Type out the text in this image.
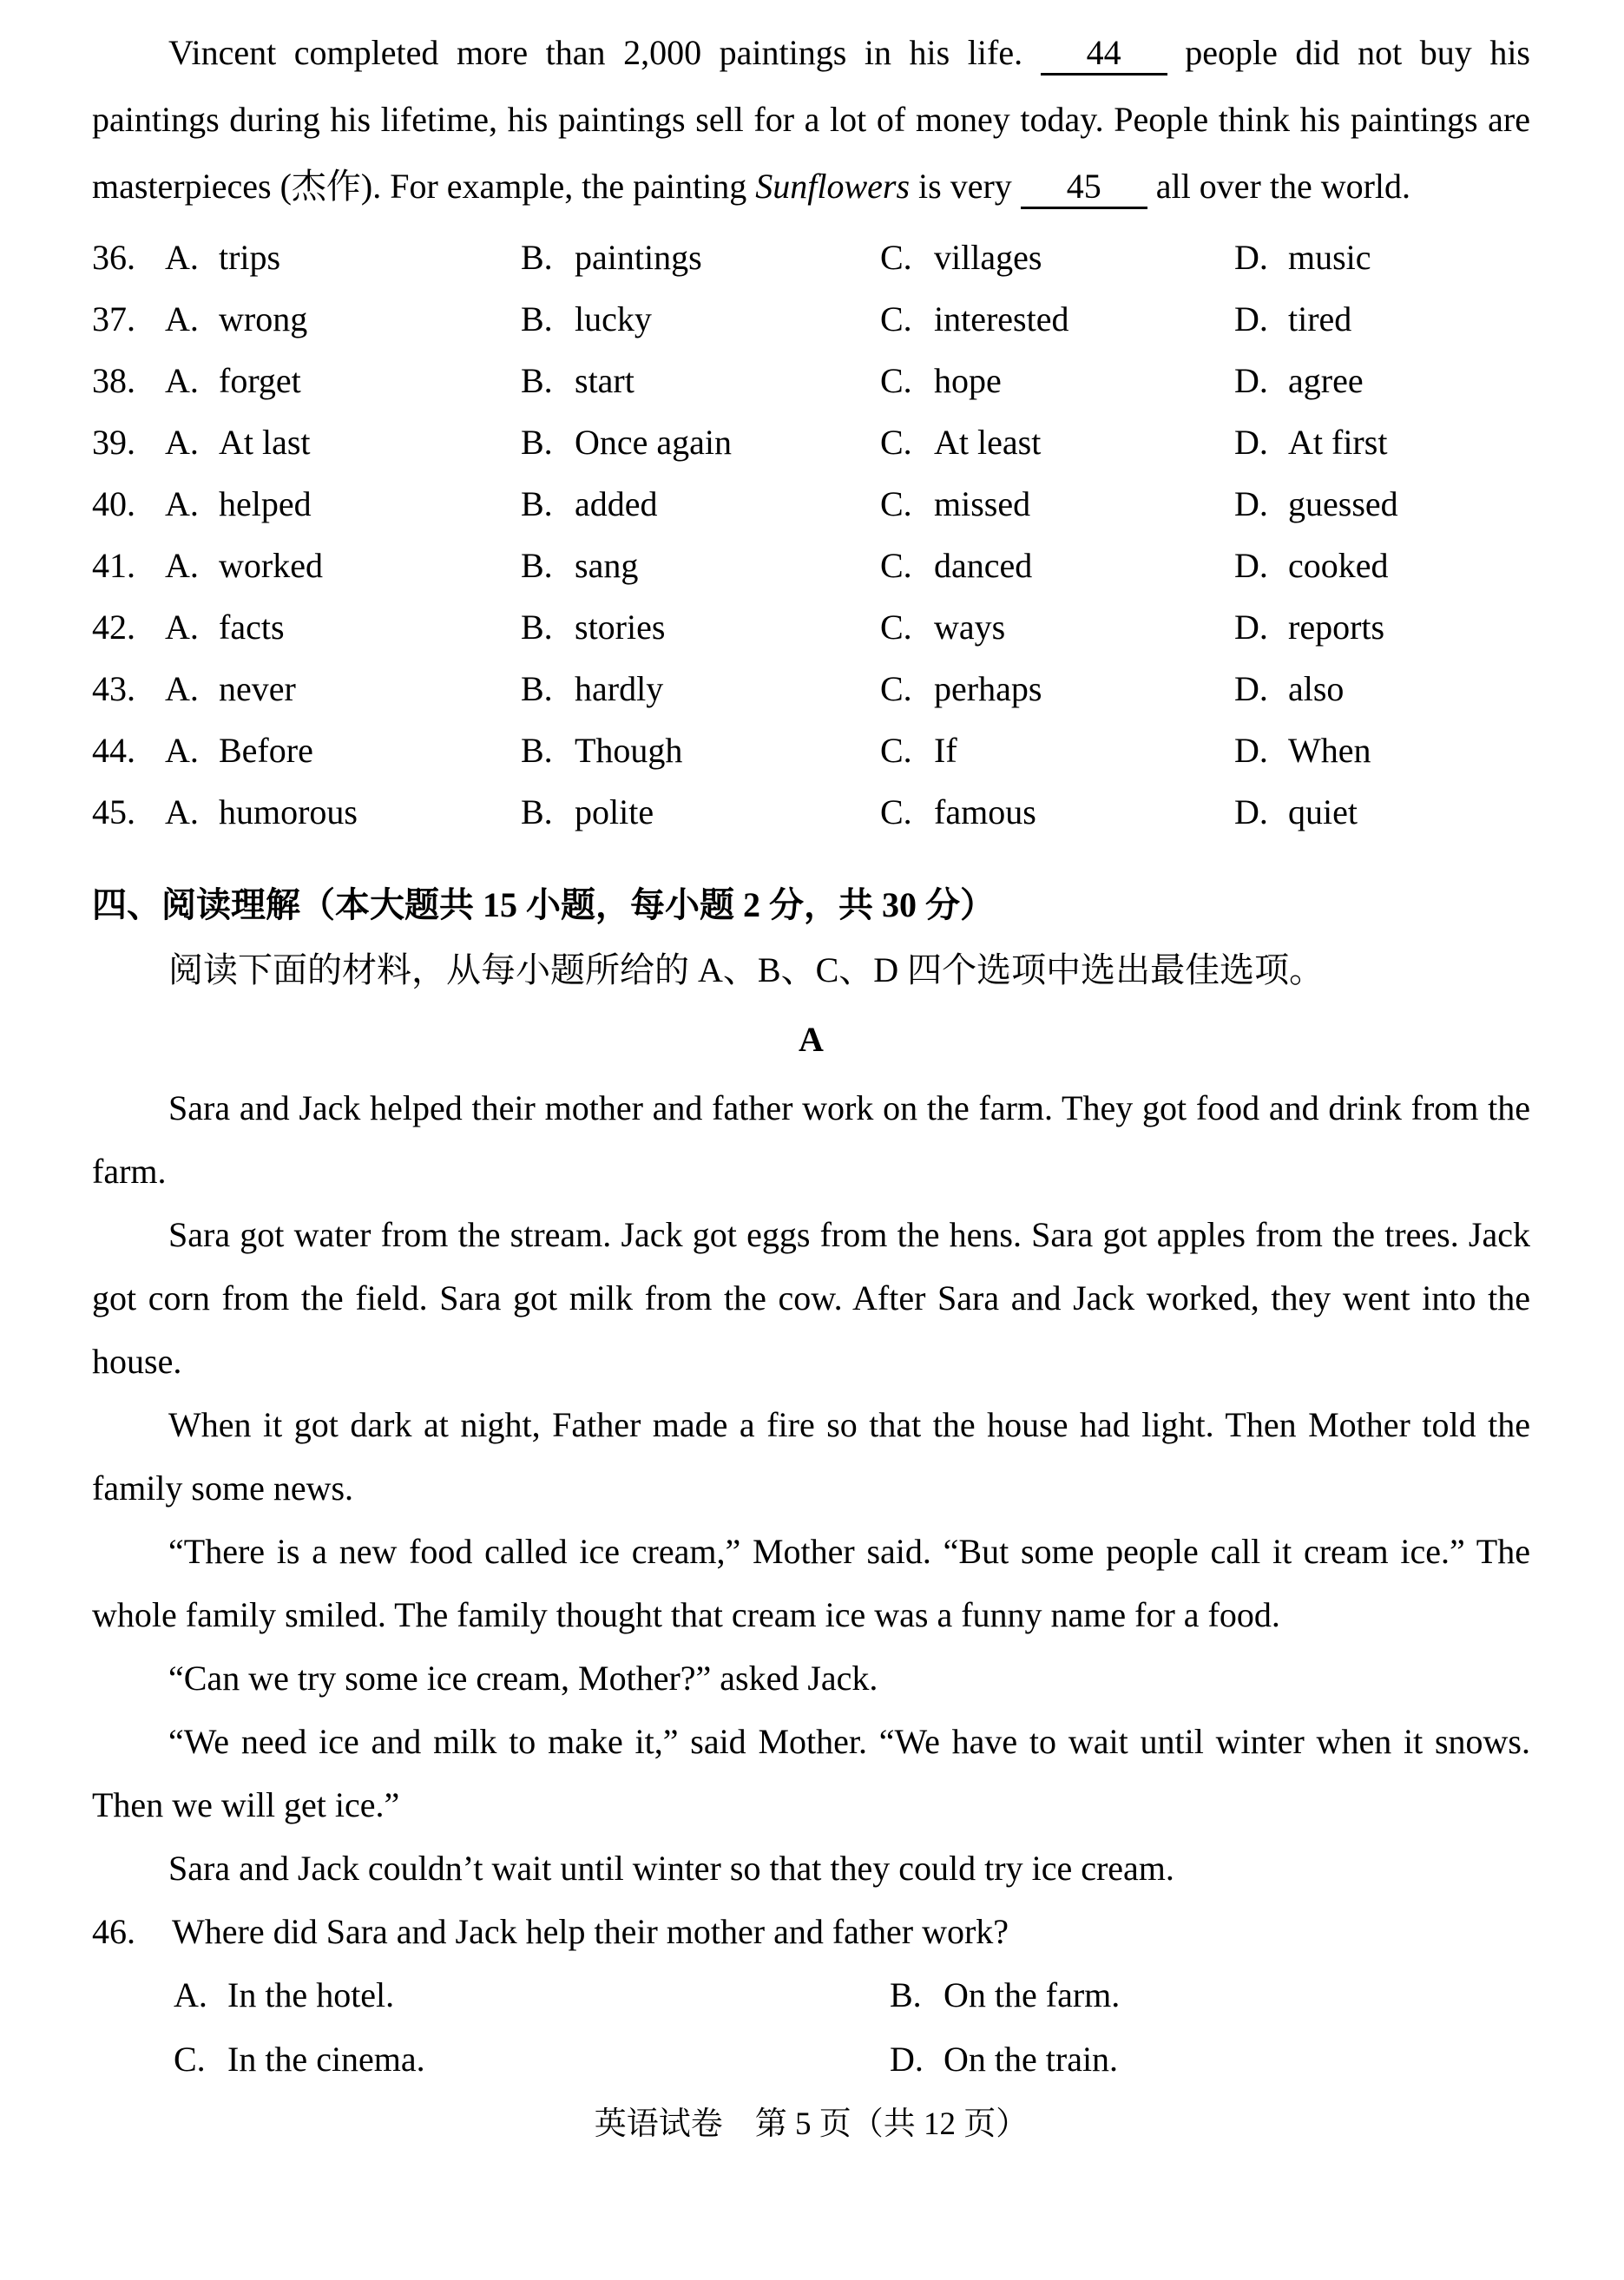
Vincent completed more than 2,000 paintings in his life. 44 people did not buy his paintings during his lifetime, his paintings sell for a lot of money today. People think his paintings are masterpieces (杰作). For example, the painting Sunflowers is very 45 all over the world.

36. A. trips	B. paintings	C. villages	D. music
37. A. wrong	B. lucky	C. interested	D. tired
38. A. forget	B. start	C. hope	D. agree
39. A. At last	B. Once again	C. At least	D. At first
40. A. helped	B. added	C. missed	D. guessed
41. A. worked	B. sang	C. danced	D. cooked
42. A. facts	B. stories	C. ways	D. reports
43. A. never	B. hardly	C. perhaps	D. also
44. A. Before	B. Though	C. If	D. When
45. A. humorous	B. polite	C. famous	D. quiet
四、阅读理解（本大题共 15 小题，每小题 2 分，共 30 分）
阅读下面的材料，从每小题所给的 A、B、C、D 四个选项中选出最佳选项。
A

Sara and Jack helped their mother and father work on the farm. They got food and drink from the farm.

Sara got water from the stream. Jack got eggs from the hens. Sara got apples from the trees. Jack got corn from the field. Sara got milk from the cow. After Sara and Jack worked, they went into the house.

When it got dark at night, Father made a fire so that the house had light. Then Mother told the family some news.

“There is a new food called ice cream,” Mother said. “But some people call it cream ice.” The whole family smiled. The family thought that cream ice was a funny name for a food.

“Can we try some ice cream, Mother?” asked Jack.

“We need ice and milk to make it,” said Mother. “We have to wait until winter when it snows. Then we will get ice.”

Sara and Jack couldn’t wait until winter so that they could try ice cream.

46.	Where did Sara and Jack help their mother and father work?
A. In the hotel.	B. On the farm.
C. In the cinema.	D. On the train.
英语试卷　第 5 页（共 12 页）
